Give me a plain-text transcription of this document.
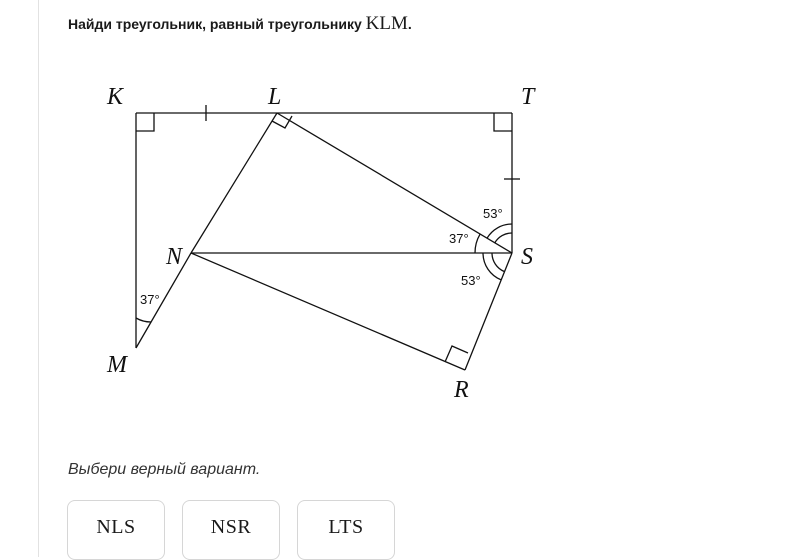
Найди треугольник, равный треугольнику KLM.
K	L	T
N	S
M
R
37°
53°
37°
53°
Выбери верный вариант.
NLS	NSR	LTS
